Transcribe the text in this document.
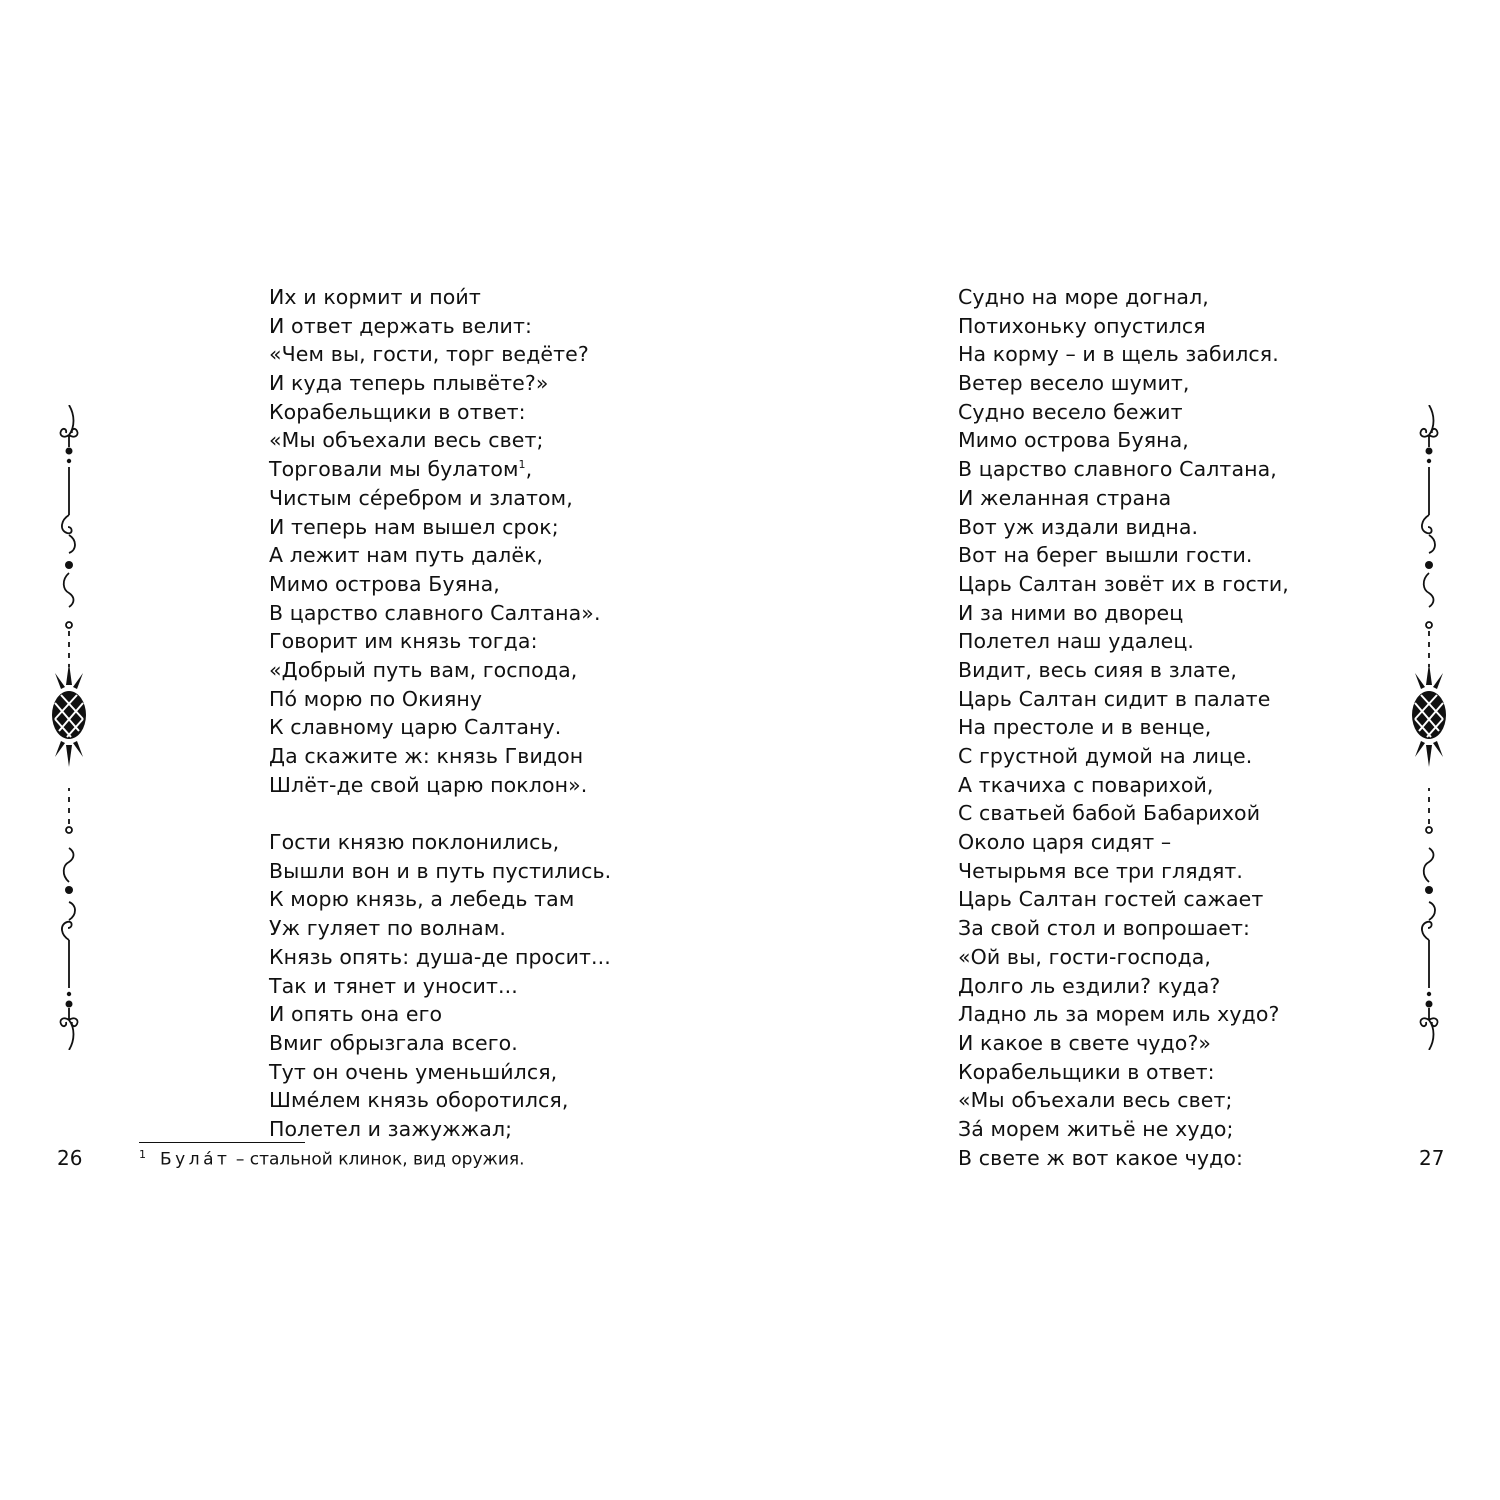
Их и кормит и пои́т
И ответ держать велит:
«Чем вы, гости, торг ведёте?
И куда теперь плывёте?»
Корабельщики в ответ:
«Мы объехали весь свет;
Торговали мы булатом$^1$,
Чистым се́ребром и златом,
И теперь нам вышел срок;
А лежит нам путь далёк,
Мимо острова Буяна,
В царство славного Салтана».
Говорит им князь тогда:
«Добрый путь вам, господа,
По́ морю по Окияну
К славному царю Салтану.
Да скажите ж: князь Гвидон
Шлёт-де свой царю поклон».
Гости князю поклонились,
Вышли вон и в путь пустились.
К морю князь, а лебедь там
Уж гуляет по волнам.
Князь опять: душа-де просит...
Так и тянет и уносит...
И опять она его
Вмиг обрызгала всего.
Тут он очень уменьши́лся,
Шме́лем князь оборотился,
Полетел и зажужжал;
Судно на море догнал,
Потихоньку опустился
На корму – и в щель забился.
Ветер весело шумит,
Судно весело бежит
Мимо острова Буяна,
В царство славного Салтана,
И желанная страна
Вот уж издали видна.
Вот на берег вышли гости.
Царь Салтан зовёт их в гости,
И за ними во дворец
Полетел наш удалец.
Видит, весь сияя в злате,
Царь Салтан сидит в палате
На престоле и в венце,
С грустной думой на лице.
А ткачиха с поварихой,
С сватьей бабой Бабарихой
Около царя сидят –
Четырьмя все три глядят.
Царь Салтан гостей сажает
За свой стол и вопрошает:
«Ой вы, гости-господа,
Долго ль ездили? куда?
Ладно ль за морем иль худо?
И какое в свете чудо?»
Корабельщики в ответ:
«Мы объехали весь свет;
За́ морем житьё не худо;
В свете ж вот какое чудо:
26	27
$^1$ Була́т – стальной клинок, вид оружия.
